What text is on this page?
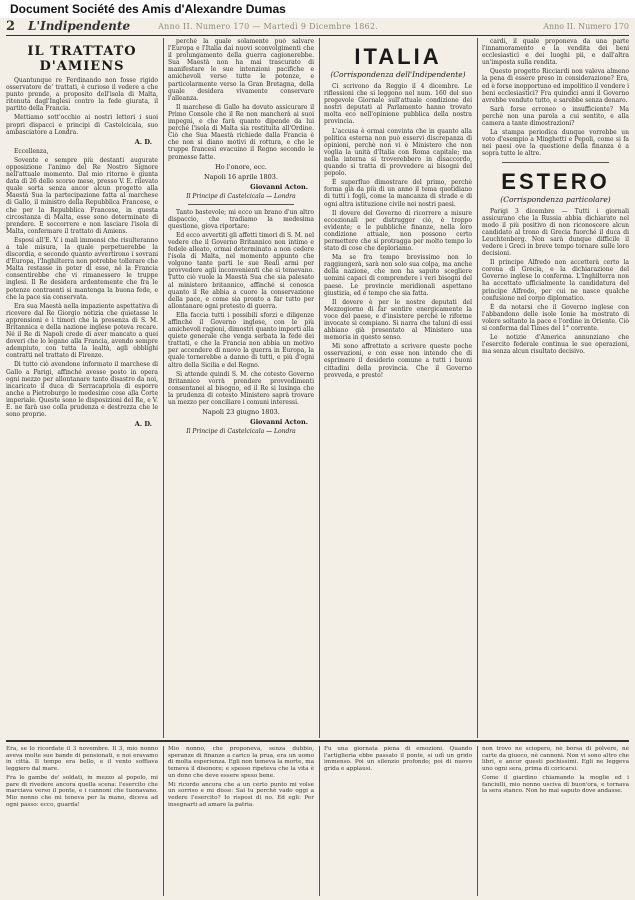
Document Société des Amis d'Alexandre Dumas
2	L'Indipendente	Anno II. Numero 170 — Martedì 9 Dicembre 1862.	Anno II. Numero 170
IL TRATTATO D'AMIENS
Quantunque re Ferdinando non fosse rigido osservatore de' trattati, è curioso il vedere a che punto prende, a proposito dell'isola di Malta, ritenuta dagl'Inglesi contro la fede giurata, il partito della Francia.
Mettiamo sott'occhio ai nostri lettori i suoi propri dispacci e principi di Castelcicala, suo ambasciatore a Londra.
A. D.
Eccellenza,
Sovente e sempre più destanti augurate opposizione l'animo del Re Nostro Signore nell'attuale momento. Dal mio ritorno è giunta data di 26 dello scorso mese, presso V. E. rilevato quale sorta senza ancor alcun progetto alla Maestà Sua la partecipazione fatta al marchese di Gallo, il ministro della Repubblica Francese, e che per la Repubblica Francese, in questa circostanza di Malta, esse sono determinate di prendere. E soccorrere e non lasciare l'isola di Malta, confermare il trattato di Amiens.
Esposi all'E. V. i mali immensi che risulteranno a tale misura, la quale perpetuerebbe la discordia, e secondo quanto avvertirono i sovrani d'Europa, l'Inghilterra non potrebbe tollerare che Malta restasse in poter di esse, né la Francia consentirebbe che vi rimanessero le truppe inglesi. Il Re desidera ardentemente che fra le potenze contraenti si mantenga la buona fede, e che la pace sia conservata.
Era sua Maestà nella impaziente aspettativa di ricevere dal Re Giorgio notizia che quietasse le apprensioni e i timori che la presenza di S. M. Britannica e della nazione inglese poteva recare. Né il Re di Napoli crede di aver mancato a quei doveri che lo legano alla Francia, avendo sempre adempiuto, con tutta la lealtà, agli obblighi contratti nel trattato di Firenze.
Di tutto ciò avendone informato il marchese di Gallo a Parigi, affinché avesse posto in opera ogni mezzo per allontanare tanto disastro da noi, incaricato il duca di Serracapriola di esporre anche a Pietroburgo le medesime cose alla Corte imperiale. Queste sono le disposizioni del Re, e V. E. ne farà uso colla prudenza e destrezza che le sono proprie.
A. D.
perchè la quale solamente può salvare l'Europa e l'Italia dai nuovi sconvolgimenti che il prolungamento della guerra cagionerebbe. Sua Maestà non ha mai trascurato di manifestare le sue intenzioni pacifiche e amichevoli verso tutte le potenze, e particolarmente verso la Gran Bretagna, della quale desidera vivamente conservare l'alleanza.
Il marchese di Gallo ha dovuto assicurare il Primo Console che il Re non mancherà ai suoi impegni, e che farà quanto dipende da lui perché l'isola di Malta sia restituita all'Ordine. Ciò che Sua Maestà richiede dalla Francia è che non si diano motivi di rottura, e che le truppe francesi evacuino il Regno secondo le promesse fatte.
Ho l'onore, ecc.
Napoli 16 aprile 1803.
Giovanni Acton.
Il Principe di Castelcicala — Londra
Tanto bastevole; mi ecco un brano d'un altro dispaccio, che tradiamo la medesima questione, giova riportare:
Ed ecco avvertiti gli affetti timori di S. M. nel vedere che il Governo Britannico non intimo e fedele alleato, ormai determinato a non cedere l'isola di Malta, nel momento appunto che volgono tante parti le sue Reali armi per provvedere agli inconvenienti che si temevano. Tutto ciò vuole la Maestà Sua che sia palesato al ministero britannico, affinché si conosca quanto il Re abbia a cuore la conservazione della pace, e come sia pronto a far tutto per allontanare ogni pretesto di guerra.
Ella faccia tutti i possibili sforzi e diligenze affinché il Governo inglese, con le più amichevoli ragioni, dimostri quanto importi alla quiete generale che venga serbata la fede dei trattati, e che la Francia non abbia un motivo per accendere di nuovo la guerra in Europa, la quale tornerebbe a danno di tutti, e più d'ogni altro della Sicilia e del Regno.
Si attende quindi S. M. che cotesto Governo Britannico vorrà prendere provvedimenti consentanei al bisogno, ed il Re si lusinga che la prudenza di cotesto Ministero saprà trovare un mezzo per conciliare i comuni interessi.
Napoli 23 giugno 1803.
Giovanni Acton.
Il Principe di Castelcicala — Londra
ITALIA
(Corrispondenza dell'Indipendente)
Ci scrivono da Reggio il 4 dicembre. Le riflessioni che si leggono nel num. 160 del suo pregevole Giornale sull'attuale condizione dei nostri deputati al Parlamento hanno trovato molta eco nell'opinione pubblica della nostra provincia.
L'accusa è ormai convinta che in quanto alla politica esterna non può esservi discrepanza di opinioni, perchè non vi è Ministero che non voglia la unità d'Italia con Roma capitale; ma nella interna si troverebbero in disaccordo, quando si tratta di provvedere ai bisogni del popolo.
È superfluo dimostrare del primo, perchè forma già da più di un anno il tema quotidiano di tutti i fogli, come la mancanza di strade e di ogni altra istituzione civile nei nostri paesi.
Il dovere del Governo di ricorrere a misure eccezionali per distrugger ciò, è troppo evidente; e le pubbliche finanze, nella loro condizione attuale, non possono certo permettere che si protragga per molto tempo lo stato di cose che deploriamo.
Ma se fra tempo brevissimo non lo raggiungerà, sarà non solo sua colpa, ma anche della nazione, che non ha saputo scegliere uomini capaci di comprendere i veri bisogni del paese. Le provincie meridionali aspettano giustizia, ed è tempo che sia fatta.
Il dovere è per le nostre deputati del Mezzogiorno di far sentire energicamente la voce del paese, e d'insistere perché le riforme invocate si compiano. Si narra che taluni di essi abbiano già presentato al Ministero una memoria in questo senso.
Mi sono affrettato a scrivere queste poche osservazioni, e con esse non intendo che di esprimere il desiderio comune a tutti i buoni cittadini della provincia. Che il Governo provveda, e presto!
cardi, il quale proponeva da una parte l'innamoramento e la vendita dei beni ecclesiastici e dei luoghi pii, e dall'altra un'imposta sulla rendita.
Questo progetto Ricciardi non valeva almeno la pena di essere preso in considerazione? Era, ed è forse inopportuno ed impolitico il vendere i beni ecclesiastici? Fra quindici anni il Governo avrebbe venduto tutto, e sarebbe senza denaro.
Sarà forse erroneo o insufficiente? Ma perchè non una parola a cui sentito, e alla camera a tante dimostrazioni?
La stampa periodica dunque vorrebbe un voto d'esempio a Minghetti e Pepoli, come si fa nei paesi ove la questione della finanza è a sopra tutte le altre.
ESTERO
(Corrispondenza particolare)
Parigi 3 dicembre — Tutti i giornali assicurano che la Russia abbia dichiarato nel modo il più positivo di non riconoscere alcun candidato al trono di Grecia fuorché il duca di Leuchtenberg. Non sarà dunque difficile il vedere i Greci in breve tempo tornare sulle loro decisioni.
Il principe Alfredo non accetterà certo la corona di Grecia, e la dichiarazione del Governo inglese lo conferma. L'Inghilterra non ha accettato ufficialmente la candidatura del principe Alfredo, per cui ne nasce qualche confusione nel corpo diplomatico.
È da notarsi che il Governo inglese con l'abbandono delle isole Ionie ha mostrato di volere soltanto la pace e l'ordine in Oriente. Ciò si conferma dal Times del 1° corrente.
Le notizie d'America annunziano che l'esercito federale continua le sue operazioni, ma senza alcun risultato decisivo.
Era, se lo ricordate il 3 novembre. Il 3, mio nonno aveva molte sue bande di pensionati, e noi eravamo in città. Il tempo era bello, e il vento soffiava leggiero dal mare.
Fra le gambe de' soldati, in mezzo al popolo, mi pare di rivedere ancora quella scena: l'esercito che marciava verso il ponte, e i cannoni che tuonavano. Mio nonno che mi teneva per la mano, diceva ad ogni passo: ecco, guarda!
Mio nonno, che proponeva, senza dubbio, speranze di finanze a carico la prua, era un uomo di molta esperienza. Egli non temeva la morte, ma temeva il disonore; e spesso ripeteva che la vita è un dono che deve essere speso bene.
Mi ricordo ancora che a un certo punto mi volse un sorriso e mi disse: Sai tu perché vado oggi a vedere l'esercito? Io risposi di no. Ed egli: Per insegnarti ad amare la patria.
Fu una giornata piena di emozioni. Quando l'artiglieria ebbe passato il ponte, si udì un grido immenso. Poi un silenzio profondo; poi di nuovo grida e applausi.
non trovo ne sciopero, nè borsa di polvere, nè carte da giuoco, nè cannoni. Non vi sono altro che libri, e ancor questi pochissimi. Egli ne leggeva uno ogni sera, prima di coricarsi.
Come il giardino chiamando la moglie ed i fanciulli, mio nonno usciva di buon'ora, e tornava la sera stanco. Non ho mai saputo dove andasse.
